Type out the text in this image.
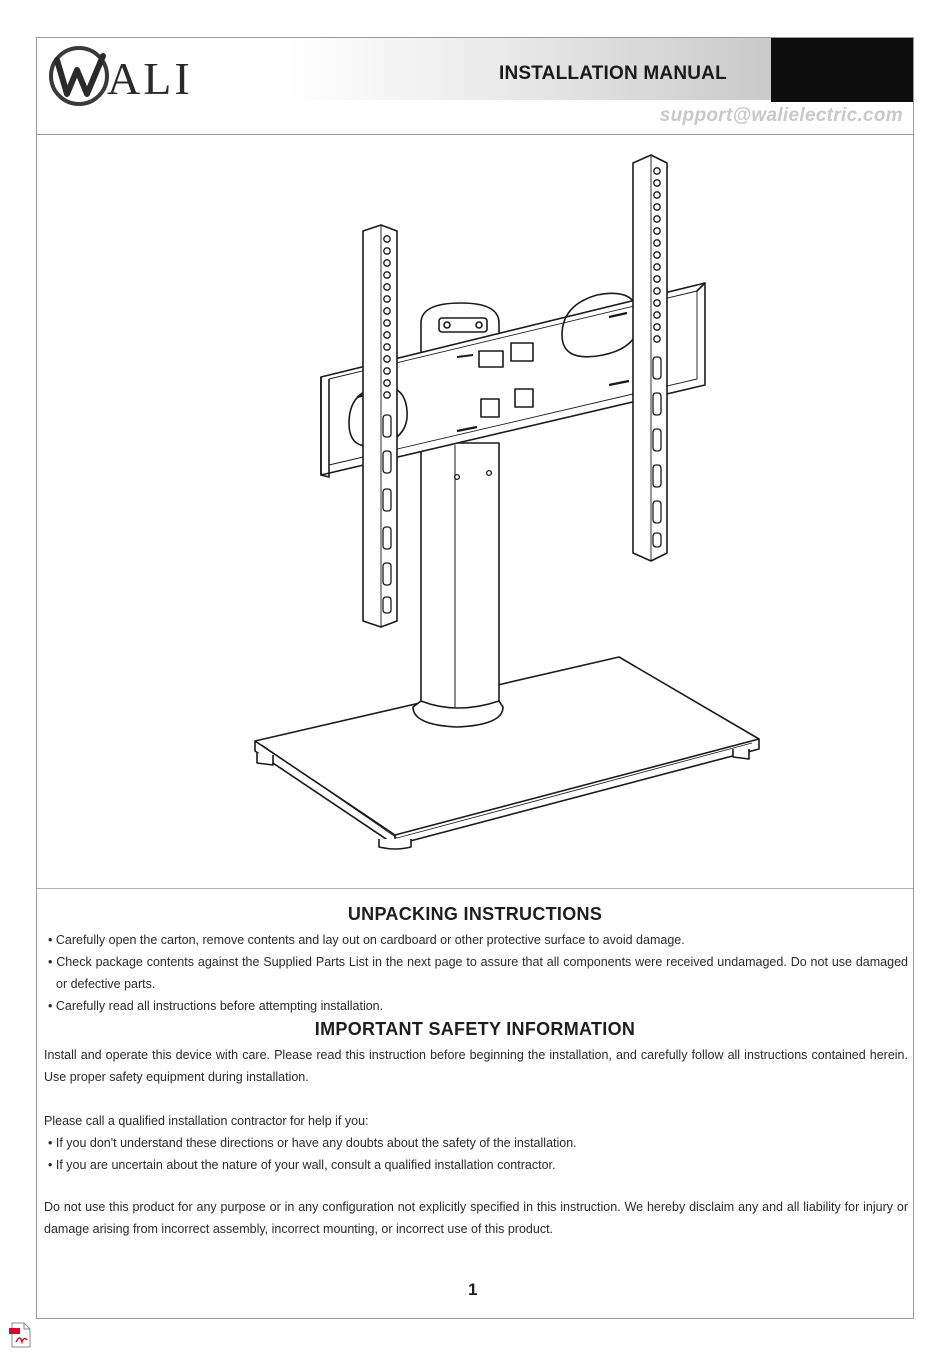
ALI	INSTALLATION MANUAL
support@walielectric.com
UNPACKING INSTRUCTIONS

• Carefully open the carton, remove contents and lay out on cardboard or other protective surface to avoid damage.

• Check package contents against the Supplied Parts List in the next page to assure that all components were received undamaged. Do not use damaged or defective parts.

• Carefully read all instructions before attempting installation.

IMPORTANT SAFETY INFORMATION
Install and operate this device with care. Please read this instruction before beginning the installation, and carefully follow all instructions contained herein. Use proper safety equipment during installation.

Please call a qualified installation contractor for help if you:

• If you don't understand these directions or have any doubts about the safety of the installation.

• If you are uncertain about the nature of your wall, consult a qualified installation contractor.

Do not use this product for any purpose or in any configuration not explicitly specified in this instruction. We hereby disclaim any and all liability for injury or damage arising from incorrect assembly, incorrect mounting, or incorrect use of this product.
1
